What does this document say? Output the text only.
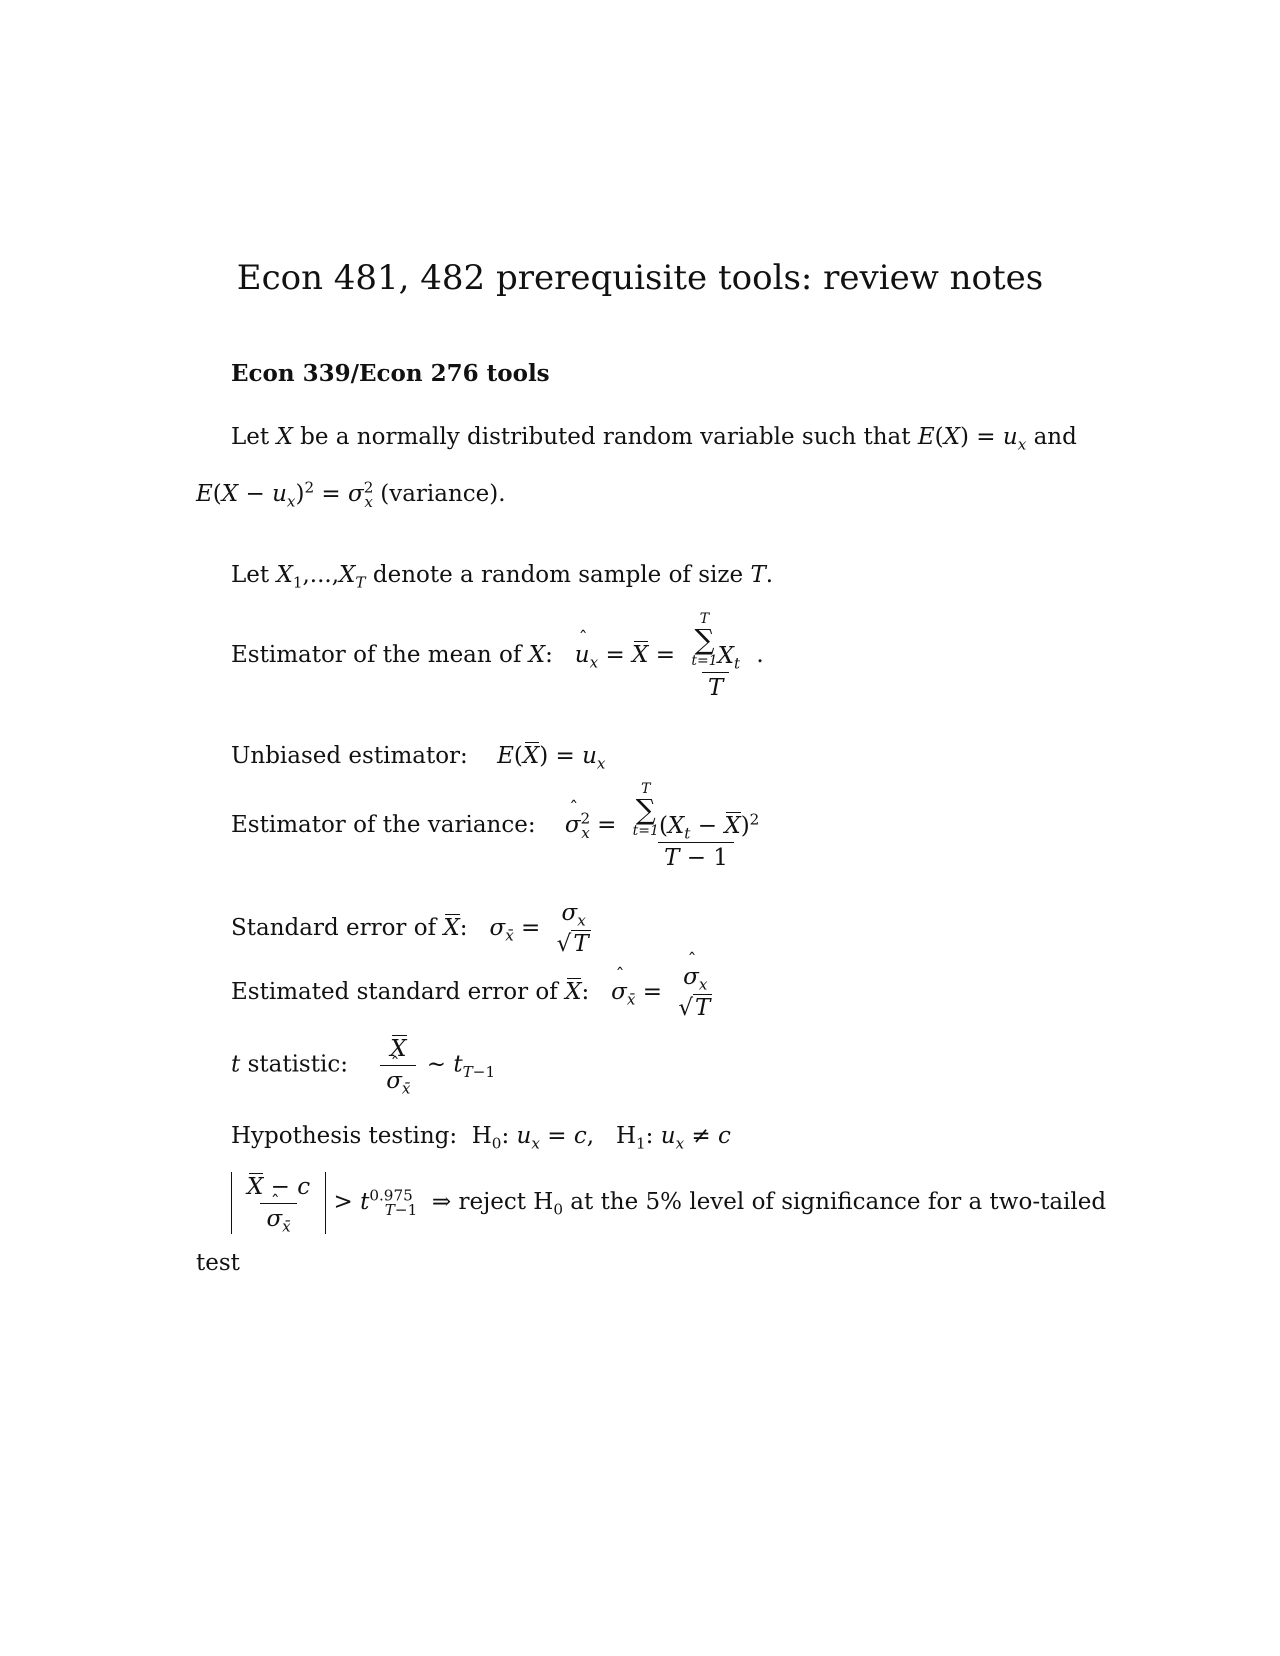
Econ 481, 482 prerequisite tools: review notes
Econ 339/Econ 276 tools
Let X be a normally distributed random variable such that $E(X) = u_x$ and
$E(X - u_x)^2 = \sigma^2_x$ (variance).
Let $X_1,...,X_T$ denote a random sample of size T.
Estimator of the mean of X:   ˆ $u_x = X = T$
∑
t=1 $X_t$
T .
Unbiased estimator: $E(X) = u_x$
Estimator of the variance:    ˆ $\sigma^2_x = T$
∑
t=1 $(X_t - X)^2$
T − 1
Standard error of X:   $\sigma_{x̄}$ =
$\sigma_x$
√T
Estimated standard error of X:   ˆ $\sigma_{x̄}$ =
ˆ $\sigma_x$
√T
t statistic: X
ˆ $\sigma_{x̄}$ ∼ $t_{T-1}$
Hypothesis testing:  $H_0$: $u_x = c$,   $H_1$: $u_x \ne c$
X − c
ˆ $\sigma_{x̄} > t^{0.975}_{T-1}$  ⇒ reject $H_0$ at the 5% level of significance for a two-tailed
test
